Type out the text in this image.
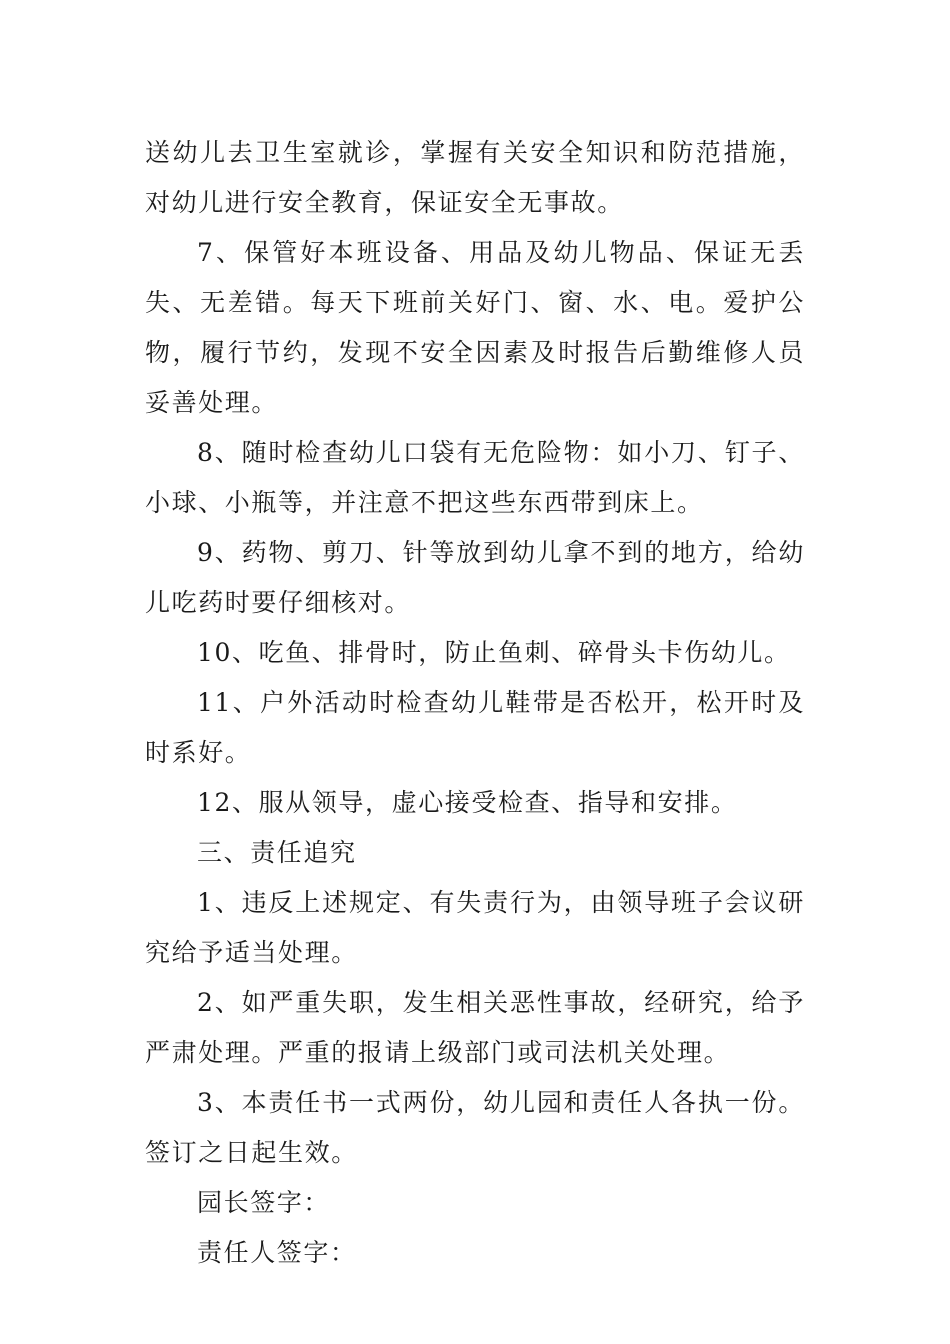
送幼儿去卫生室就诊，掌握有关安全知识和防范措施，对幼儿进行安全教育，保证安全无事故。

7、保管好本班设备、用品及幼儿物品、保证无丢失、无差错。每天下班前关好门、窗、水、电。爱护公物，履行节约，发现不安全因素及时报告后勤维修人员妥善处理。

8、随时检查幼儿口袋有无危险物：如小刀、钉子、小球、小瓶等，并注意不把这些东西带到床上。

9、药物、剪刀、针等放到幼儿拿不到的地方，给幼儿吃药时要仔细核对。

10、吃鱼、排骨时，防止鱼刺、碎骨头卡伤幼儿。

11、户外活动时检查幼儿鞋带是否松开，松开时及时系好。

12、服从领导，虚心接受检查、指导和安排。

三、责任追究

1、违反上述规定、有失责行为，由领导班子会议研究给予适当处理。

2、如严重失职，发生相关恶性事故，经研究，给予严肃处理。严重的报请上级部门或司法机关处理。

3、本责任书一式两份，幼儿园和责任人各执一份。签订之日起生效。

园长签字：

责任人签字：
